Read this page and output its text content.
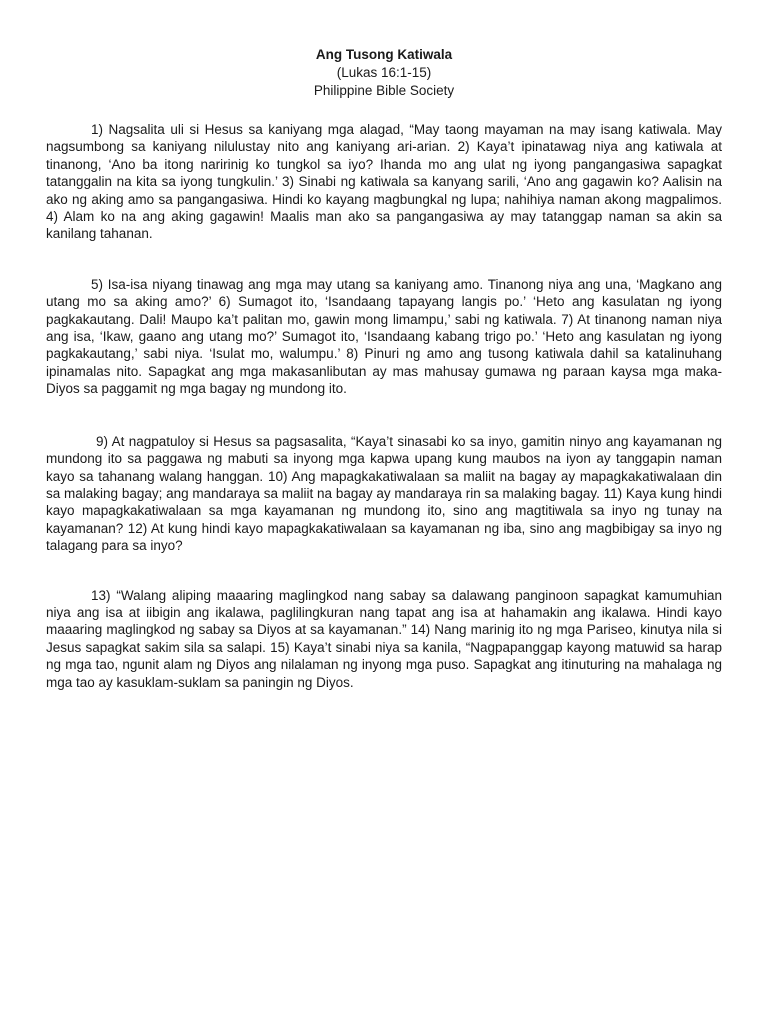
Ang Tusong Katiwala
(Lukas 16:1-15)
Philippine Bible Society

1) Nagsalita uli si Hesus sa kaniyang mga alagad, “May taong mayaman na may isang katiwala. May nagsumbong sa kaniyang nilulustay nito ang kaniyang ari-arian. 2) Kaya’t ipinatawag niya ang katiwala at tinanong, ‘Ano ba itong naririnig ko tungkol sa iyo? Ihanda mo ang ulat ng iyong pangangasiwa sapagkat tatanggalin na kita sa iyong tungkulin.’ 3) Sinabi ng katiwala sa kanyang sarili, ‘Ano ang gagawin ko? Aalisin na ako ng aking amo sa pangangasiwa. Hindi ko kayang magbungkal ng lupa; nahihiya naman akong magpalimos. 4) Alam ko na ang aking gagawin! Maalis man ako sa pangangasiwa ay may tatanggap naman sa akin sa kanilang tahanan.

5) Isa-isa niyang tinawag ang mga may utang sa kaniyang amo. Tinanong niya ang una, ‘Magkano ang utang mo sa aking amo?’ 6) Sumagot ito, ‘Isandaang tapayang langis po.’ ‘Heto ang kasulatan ng iyong pagkakautang. Dali! Maupo ka’t palitan mo, gawin mong limampu,’ sabi ng katiwala. 7) At tinanong naman niya ang isa, ‘Ikaw, gaano ang utang mo?’ Sumagot ito, ‘Isandaang kabang trigo po.’ ‘Heto ang kasulatan ng iyong pagkakautang,’ sabi niya. ‘Isulat mo, walumpu.’ 8) Pinuri ng amo ang tusong katiwala dahil sa katalinuhang ipinamalas nito. Sapagkat ang mga makasanlibutan ay mas mahusay gumawa ng paraan kaysa mga maka-Diyos sa paggamit ng mga bagay ng mundong ito.

9) At nagpatuloy si Hesus sa pagsasalita, “Kaya’t sinasabi ko sa inyo, gamitin ninyo ang kayamanan ng mundong ito sa paggawa ng mabuti sa inyong mga kapwa upang kung maubos na iyon ay tanggapin naman kayo sa tahanang walang hanggan. 10) Ang mapagkakatiwalaan sa maliit na bagay ay mapagkakatiwalaan din sa malaking bagay; ang mandaraya sa maliit na bagay ay mandaraya rin sa malaking bagay. 11) Kaya kung hindi kayo mapagkakatiwalaan sa mga kayamanan ng mundong ito, sino ang magtitiwala sa inyo ng tunay na kayamanan? 12) At kung hindi kayo mapagkakatiwalaan sa kayamanan ng iba, sino ang magbibigay sa inyo ng talagang para sa inyo?

13) “Walang aliping maaaring maglingkod nang sabay sa dalawang panginoon sapagkat kamumuhian niya ang isa at iibigin ang ikalawa, paglilingkuran nang tapat ang isa at hahamakin ang ikalawa. Hindi kayo maaaring maglingkod ng sabay sa Diyos at sa kayamanan.” 14) Nang marinig ito ng mga Pariseo, kinutya nila si Jesus sapagkat sakim sila sa salapi. 15) Kaya’t sinabi niya sa kanila, “Nagpapanggap kayong matuwid sa harap ng mga tao, ngunit alam ng Diyos ang nilalaman ng inyong mga puso. Sapagkat ang itinuturing na mahalaga ng mga tao ay kasuklam-suklam sa paningin ng Diyos.
